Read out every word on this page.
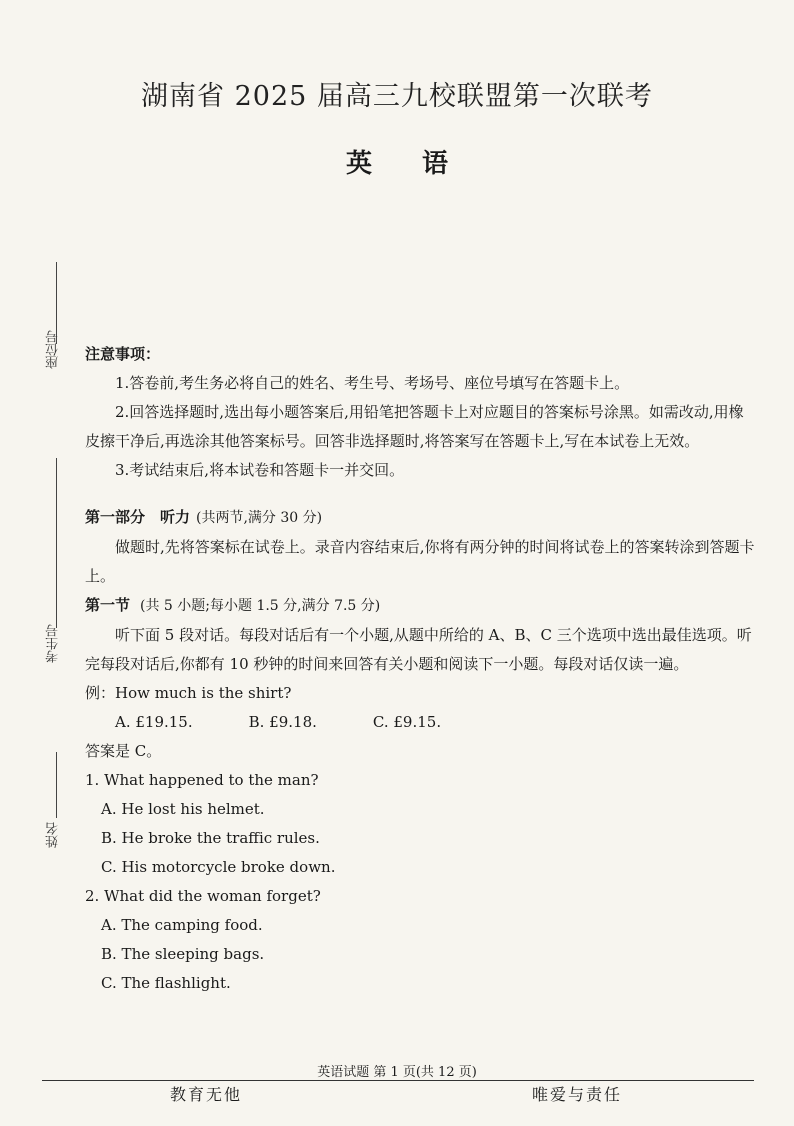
湖南省 2025 届高三九校联盟第一次联考
英语
座位号
考生号
姓名

注意事项：

1.答卷前,考生务必将自己的姓名、考生号、考场号、座位号填写在答题卡上。

2.回答选择题时,选出每小题答案后,用铅笔把答题卡上对应题目的答案标号涂黑。如需改动,用橡皮擦干净后,再选涂其他答案标号。回答非选择题时,将答案写在答题卡上,写在本试卷上无效。

3.考试结束后,将本试卷和答题卡一并交回。

第一部分　听力 (共两节,满分 30 分)

做题时,先将答案标在试卷上。录音内容结束后,你将有两分钟的时间将试卷上的答案转涂到答题卡上。

第一节 (共 5 小题;每小题 1.5 分,满分 7.5 分)

听下面 5 段对话。每段对话后有一个小题,从题中所给的 A、B、C 三个选项中选出最佳选项。听完每段对话后,你都有 10 秒钟的时间来回答有关小题和阅读下一小题。每段对话仅读一遍。

例：How much is the shirt?

A. £19.15.	B. £9.18.	C. £9.15.

答案是 C。

1. What happened to the man?

A. He lost his helmet.

B. He broke the traffic rules.

C. His motorcycle broke down.

2. What did the woman forget?

A. The camping food.

B. The sleeping bags.

C. The flashlight.

英语试题 第 1 页(共 12 页)
教育无他	唯爱与责任
